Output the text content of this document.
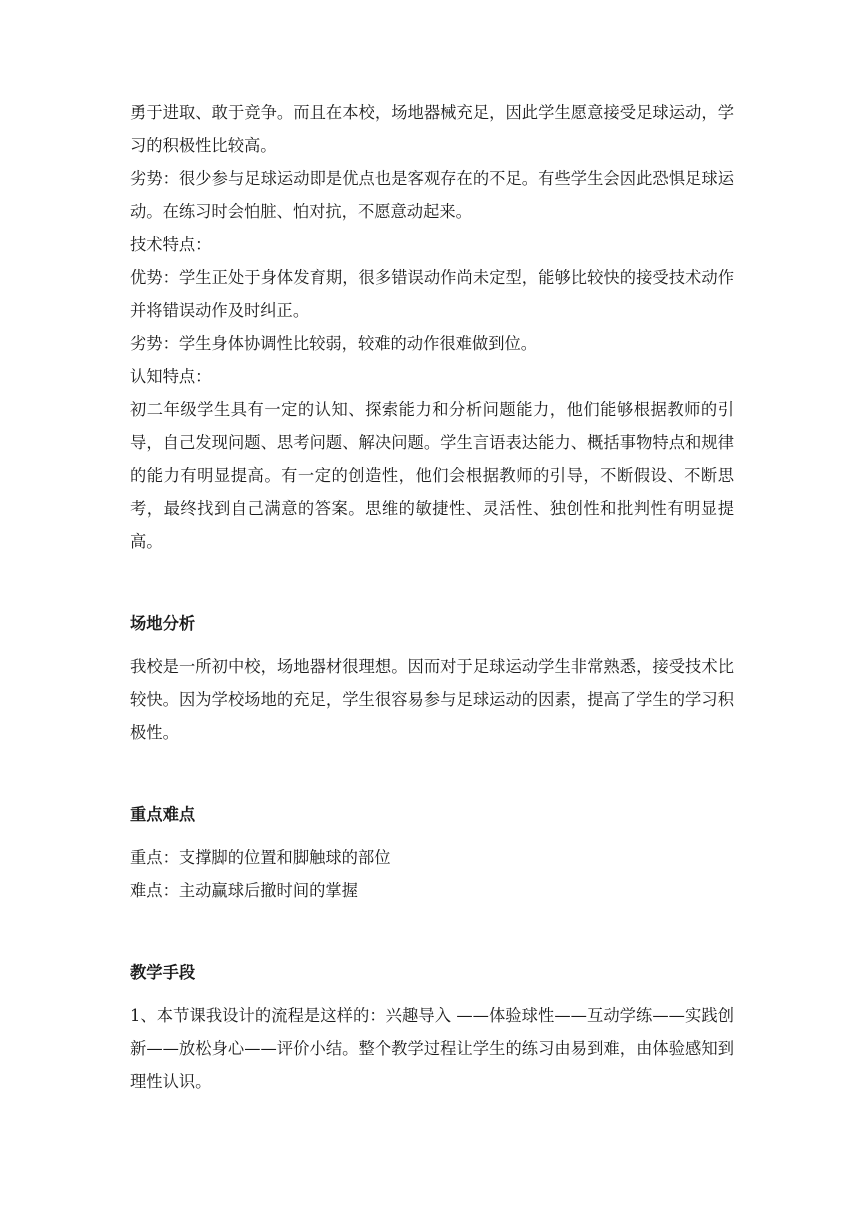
勇于进取、敢于竞争。而且在本校，场地器械充足，因此学生愿意接受足球运动，学习的积极性比较高。

劣势：很少参与足球运动即是优点也是客观存在的不足。有些学生会因此恐惧足球运动。在练习时会怕脏、怕对抗，不愿意动起来。

技术特点：

优势：学生正处于身体发育期，很多错误动作尚未定型，能够比较快的接受技术动作并将错误动作及时纠正。

劣势：学生身体协调性比较弱，较难的动作很难做到位。

认知特点：

初二年级学生具有一定的认知、探索能力和分析问题能力，他们能够根据教师的引导，自己发现问题、思考问题、解决问题。学生言语表达能力、概括事物特点和规律的能力有明显提高。有一定的创造性，他们会根据教师的引导，不断假设、不断思考，最终找到自己满意的答案。思维的敏捷性、灵活性、独创性和批判性有明显提高。

场地分析

我校是一所初中校，场地器材很理想。因而对于足球运动学生非常熟悉，接受技术比较快。因为学校场地的充足，学生很容易参与足球运动的因素，提高了学生的学习积极性。

重点难点

重点：支撑脚的位置和脚触球的部位

难点：主动赢球后撤时间的掌握

教学手段

1、本节课我设计的流程是这样的：兴趣导入 ——体验球性——互动学练——实践创新——放松身心——评价小结。整个教学过程让学生的练习由易到难，由体验感知到理性认识。
